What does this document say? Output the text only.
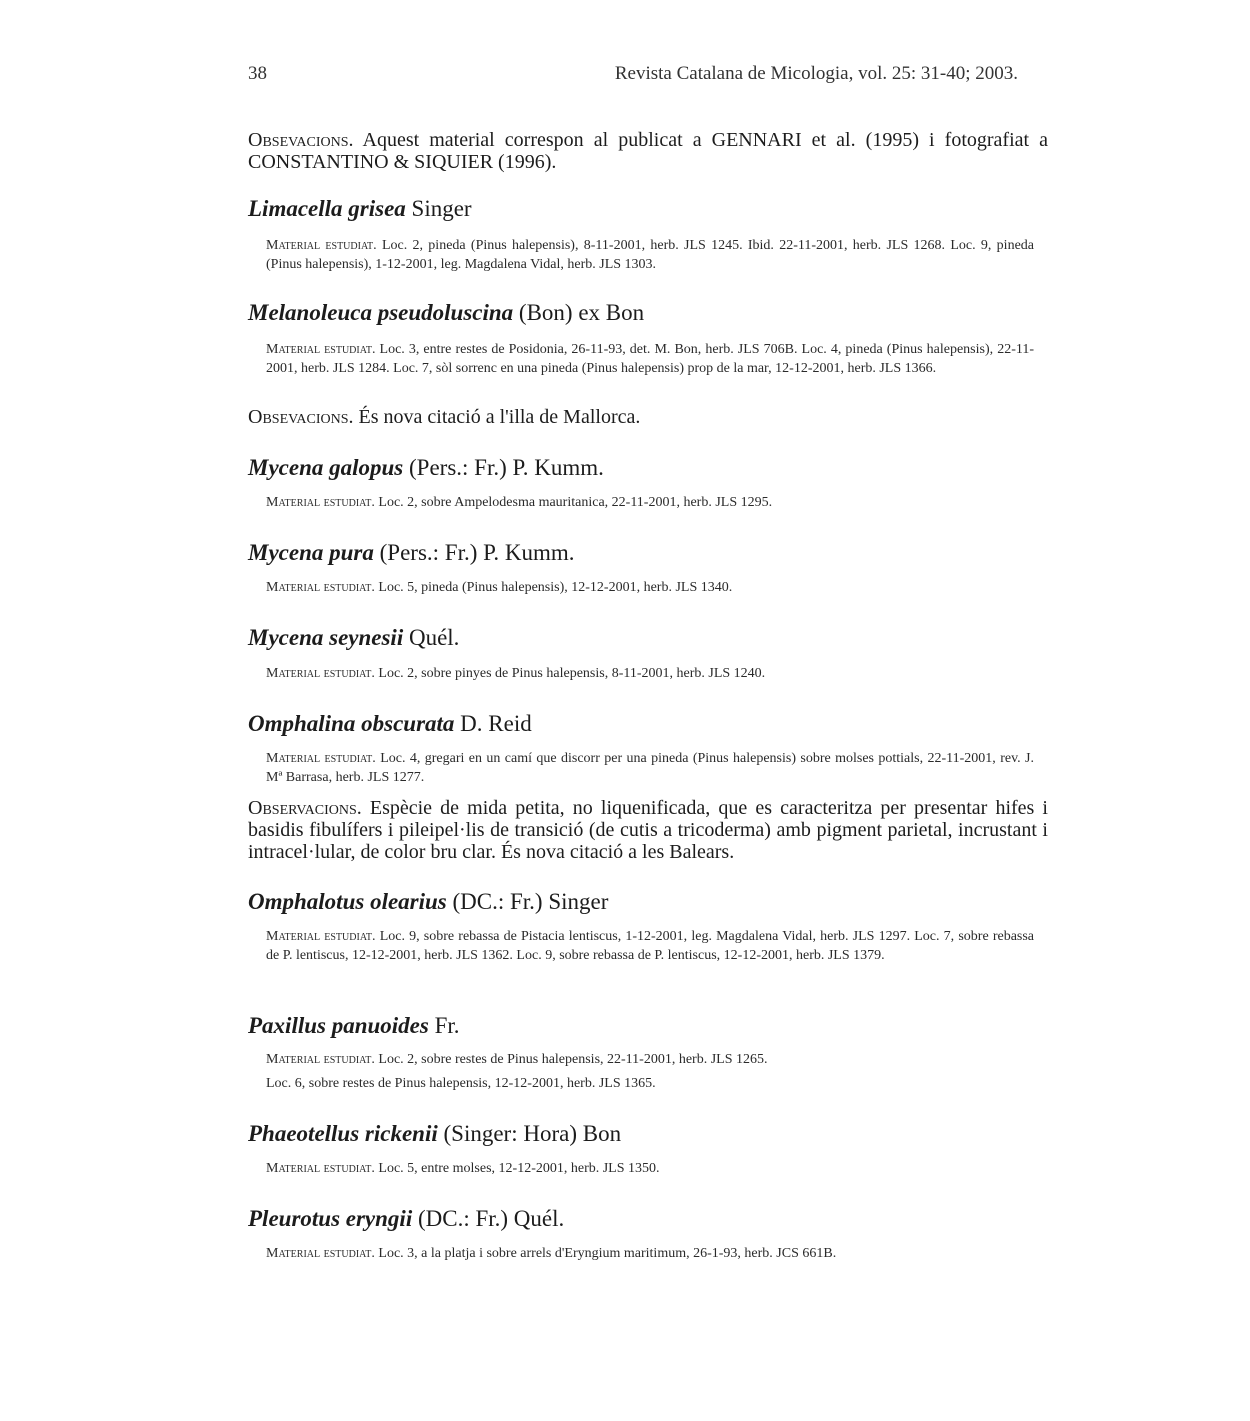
38	Revista Catalana de Micologia, vol. 25: 31-40; 2003.
Obsevacions. Aquest material correspon al publicat a GENNARI et al. (1995) i fotografiat a CONSTANTINO & SIQUIER (1996).
Limacella grisea Singer
Material estudiat. Loc. 2, pineda (Pinus halepensis), 8-11-2001, herb. JLS 1245. Ibid. 22-11-2001, herb. JLS 1268. Loc. 9, pineda (Pinus halepensis), 1-12-2001, leg. Magdalena Vidal, herb. JLS 1303.
Melanoleuca pseudoluscina (Bon) ex Bon
Material estudiat. Loc. 3, entre restes de Posidonia, 26-11-93, det. M. Bon, herb. JLS 706B. Loc. 4, pineda (Pinus halepensis), 22-11-2001, herb. JLS 1284. Loc. 7, sòl sorrenc en una pineda (Pinus halepensis) prop de la mar, 12-12-2001, herb. JLS 1366.
Obsevacions. És nova citació a l'illa de Mallorca.
Mycena galopus (Pers.: Fr.) P. Kumm.
Material estudiat. Loc. 2, sobre Ampelodesma mauritanica, 22-11-2001, herb. JLS 1295.
Mycena pura (Pers.: Fr.) P. Kumm.
Material estudiat. Loc. 5, pineda (Pinus halepensis), 12-12-2001, herb. JLS 1340.
Mycena seynesii Quél.
Material estudiat. Loc. 2, sobre pinyes de Pinus halepensis, 8-11-2001, herb. JLS 1240.
Omphalina obscurata D. Reid
Material estudiat. Loc. 4, gregari en un camí que discorr per una pineda (Pinus halepensis) sobre molses pottials, 22-11-2001, rev. J. Mª Barrasa, herb. JLS 1277.
Observacions. Espècie de mida petita, no liquenificada, que es caracteritza per presentar hifes i basidis fibulífers i pileipel·lis de transició (de cutis a tricoderma) amb pigment parietal, incrustant i intracel·lular, de color bru clar. És nova citació a les Balears.
Omphalotus olearius (DC.: Fr.) Singer
Material estudiat. Loc. 9, sobre rebassa de Pistacia lentiscus, 1-12-2001, leg. Magdalena Vidal, herb. JLS 1297. Loc. 7, sobre rebassa de P. lentiscus, 12-12-2001, herb. JLS 1362. Loc. 9, sobre rebassa de P. lentiscus, 12-12-2001, herb. JLS 1379.
Paxillus panuoides Fr.
Material estudiat. Loc. 2, sobre restes de Pinus halepensis, 22-11-2001, herb. JLS 1265.
Loc. 6, sobre restes de Pinus halepensis, 12-12-2001, herb. JLS 1365.
Phaeotellus rickenii (Singer: Hora) Bon
Material estudiat. Loc. 5, entre molses, 12-12-2001, herb. JLS 1350.
Pleurotus eryngii (DC.: Fr.) Quél.
Material estudiat. Loc. 3, a la platja i sobre arrels d'Eryngium maritimum, 26-1-93, herb. JCS 661B.
